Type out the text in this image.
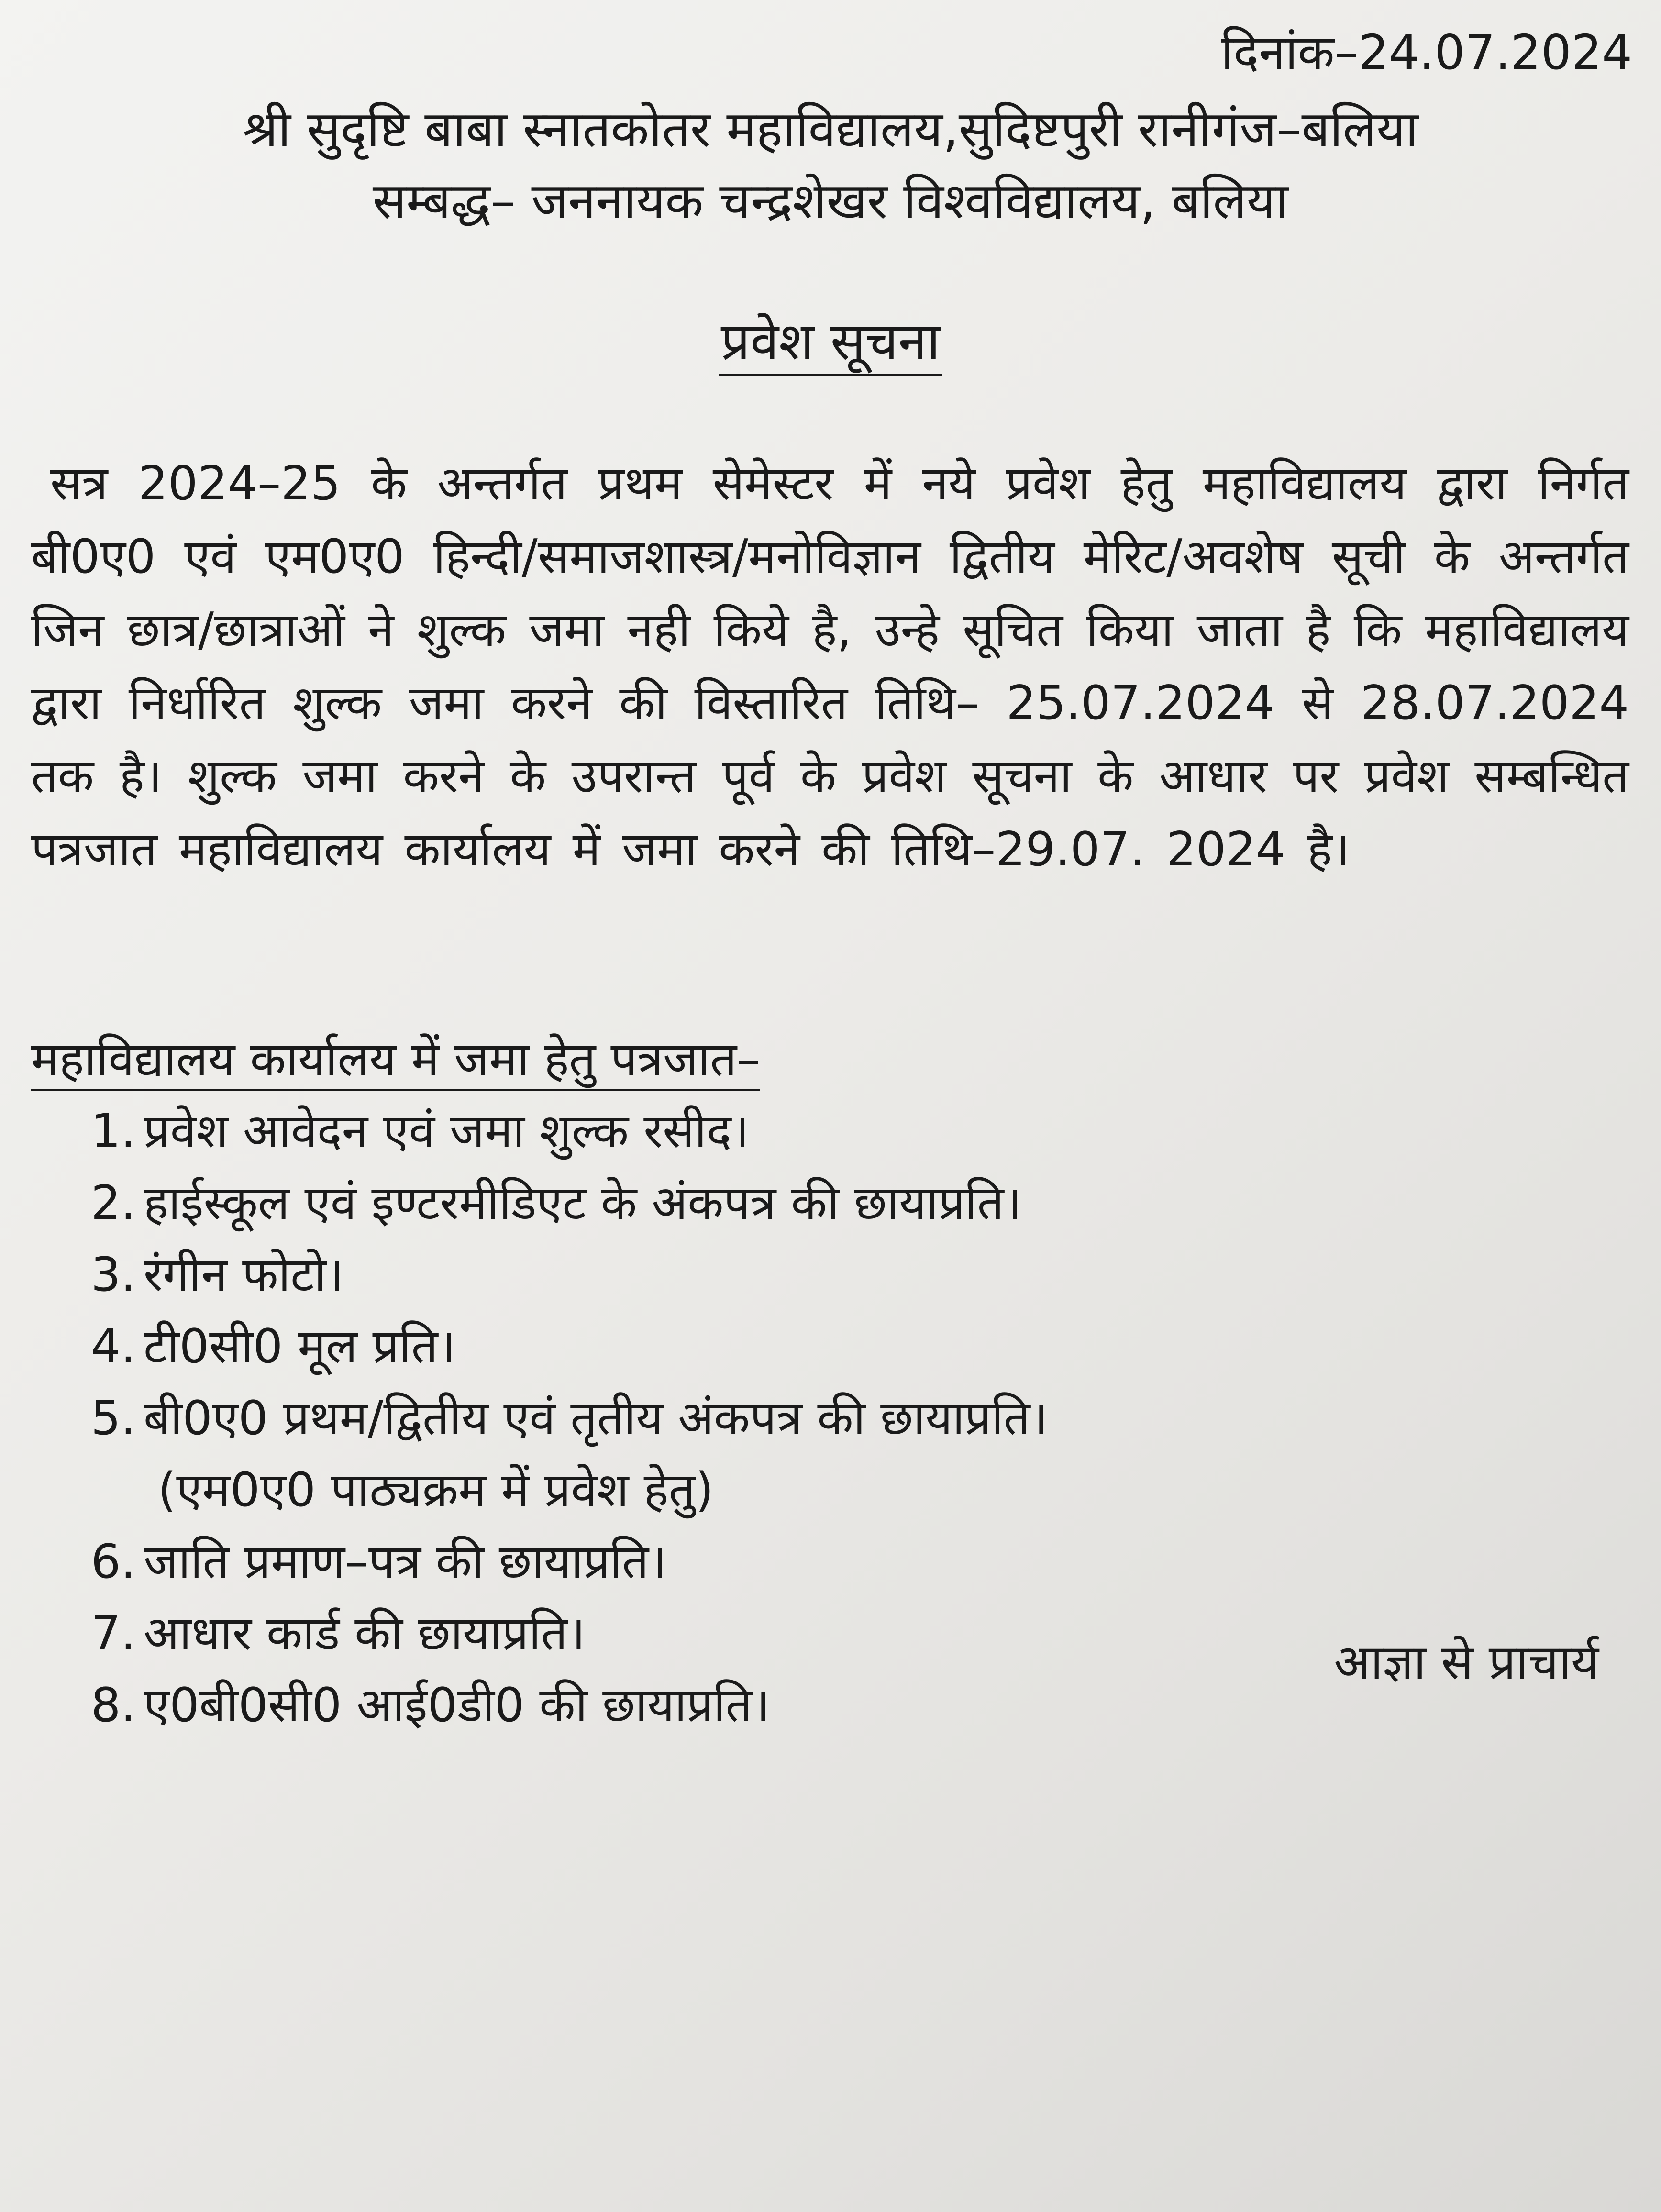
दिनांक–24.07.2024
श्री सुदृष्टि बाबा स्नातकोतर महाविद्यालय,सुदिष्टपुरी रानीगंज–बलिया
सम्बद्ध– जननायक चन्द्रशेखर विश्वविद्यालय, बलिया
प्रवेश सूचना
सत्र 2024–25 के अन्तर्गत प्रथम सेमेस्टर में नये प्रवेश हेतु महाविद्यालय द्वारा निर्गत बी0ए0 एवं एम0ए0 हिन्दी/समाजशास्त्र/मनोविज्ञान द्वितीय मेरिट/अवशेष सूची के अन्तर्गत जिन छात्र/छात्राओं ने शुल्क जमा नही किये है, उन्हे सूचित किया जाता है कि महाविद्यालय द्वारा निर्धारित शुल्क जमा करने की विस्तारित तिथि– 25.07.2024 से 28.07.2024 तक है। शुल्क जमा करने के उपरान्त पूर्व के प्रवेश सूचना के आधार पर प्रवेश सम्बन्धित पत्रजात महाविद्यालय कार्यालय में जमा करने की तिथि–29.07. 2024 है।
महाविद्यालय कार्यालय में जमा हेतु पत्रजात–
1. प्रवेश आवेदन एवं जमा शुल्क रसीद।
2. हाईस्कूल एवं इण्टरमीडिएट के अंकपत्र की छायाप्रति।
3. रंगीन फोटो।
4. टी0सी0 मूल प्रति।
5. बी0ए0 प्रथम/द्वितीय एवं तृतीय अंकपत्र की छायाप्रति।
(एम0ए0 पाठ्यक्रम में प्रवेश हेतु)
6. जाति प्रमाण–पत्र की छायाप्रति।
7. आधार कार्ड की छायाप्रति।
8. ए0बी0सी0 आई0डी0 की छायाप्रति।
आज्ञा से प्राचार्य
